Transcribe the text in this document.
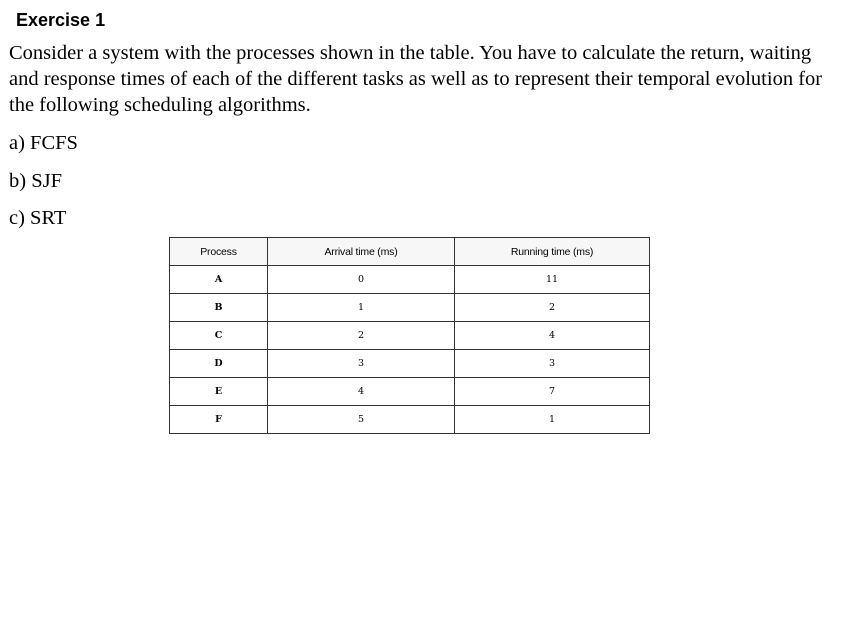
Exercise 1

Consider a system with the processes shown in the table. You have to calculate the return, waiting and response times of each of the different tasks as well as to represent their temporal evolution for the following scheduling algorithms.

a) FCFS

b) SJF

c) SRT

Process	Arrival time (ms)	Running time (ms)
A	0	11
B	1	2
C	2	4
D	3	3
E	4	7
F	5	1
